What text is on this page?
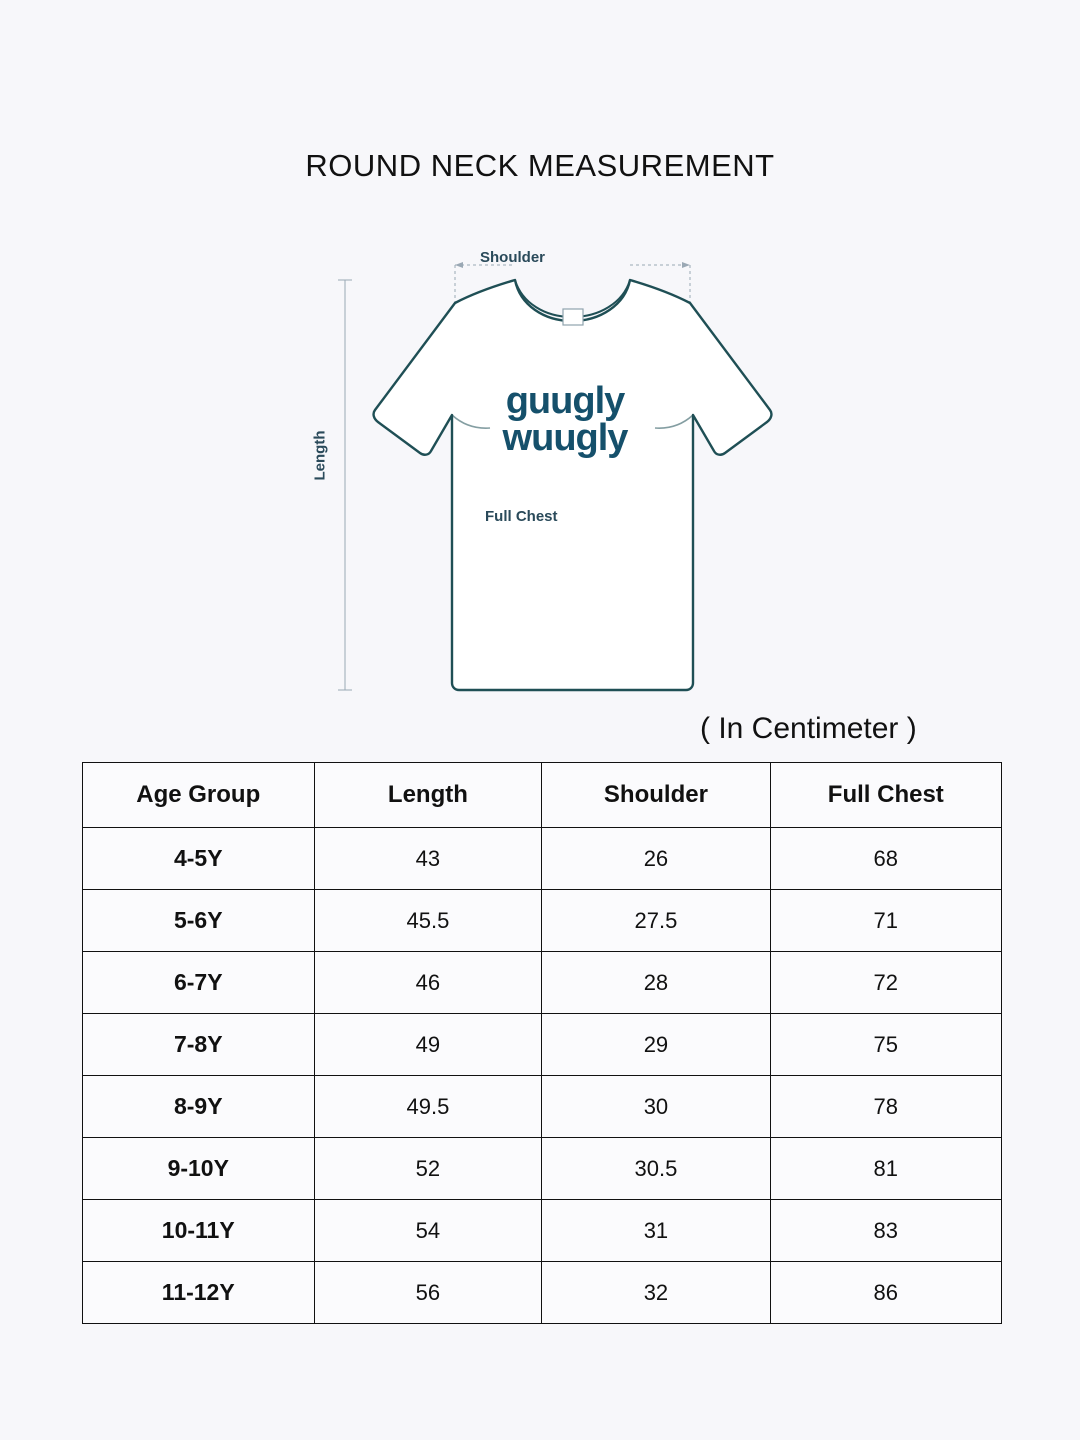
ROUND NECK MEASUREMENT
guugly
wuugly
Shoulder
Full Chest
Length
( In Centimeter )
Age Group	Length	Shoulder	Full Chest
4-5Y	43	26	68
5-6Y	45.5	27.5	71
6-7Y	46	28	72
7-8Y	49	29	75
8-9Y	49.5	30	78
9-10Y	52	30.5	81
10-11Y	54	31	83
11-12Y	56	32	86
